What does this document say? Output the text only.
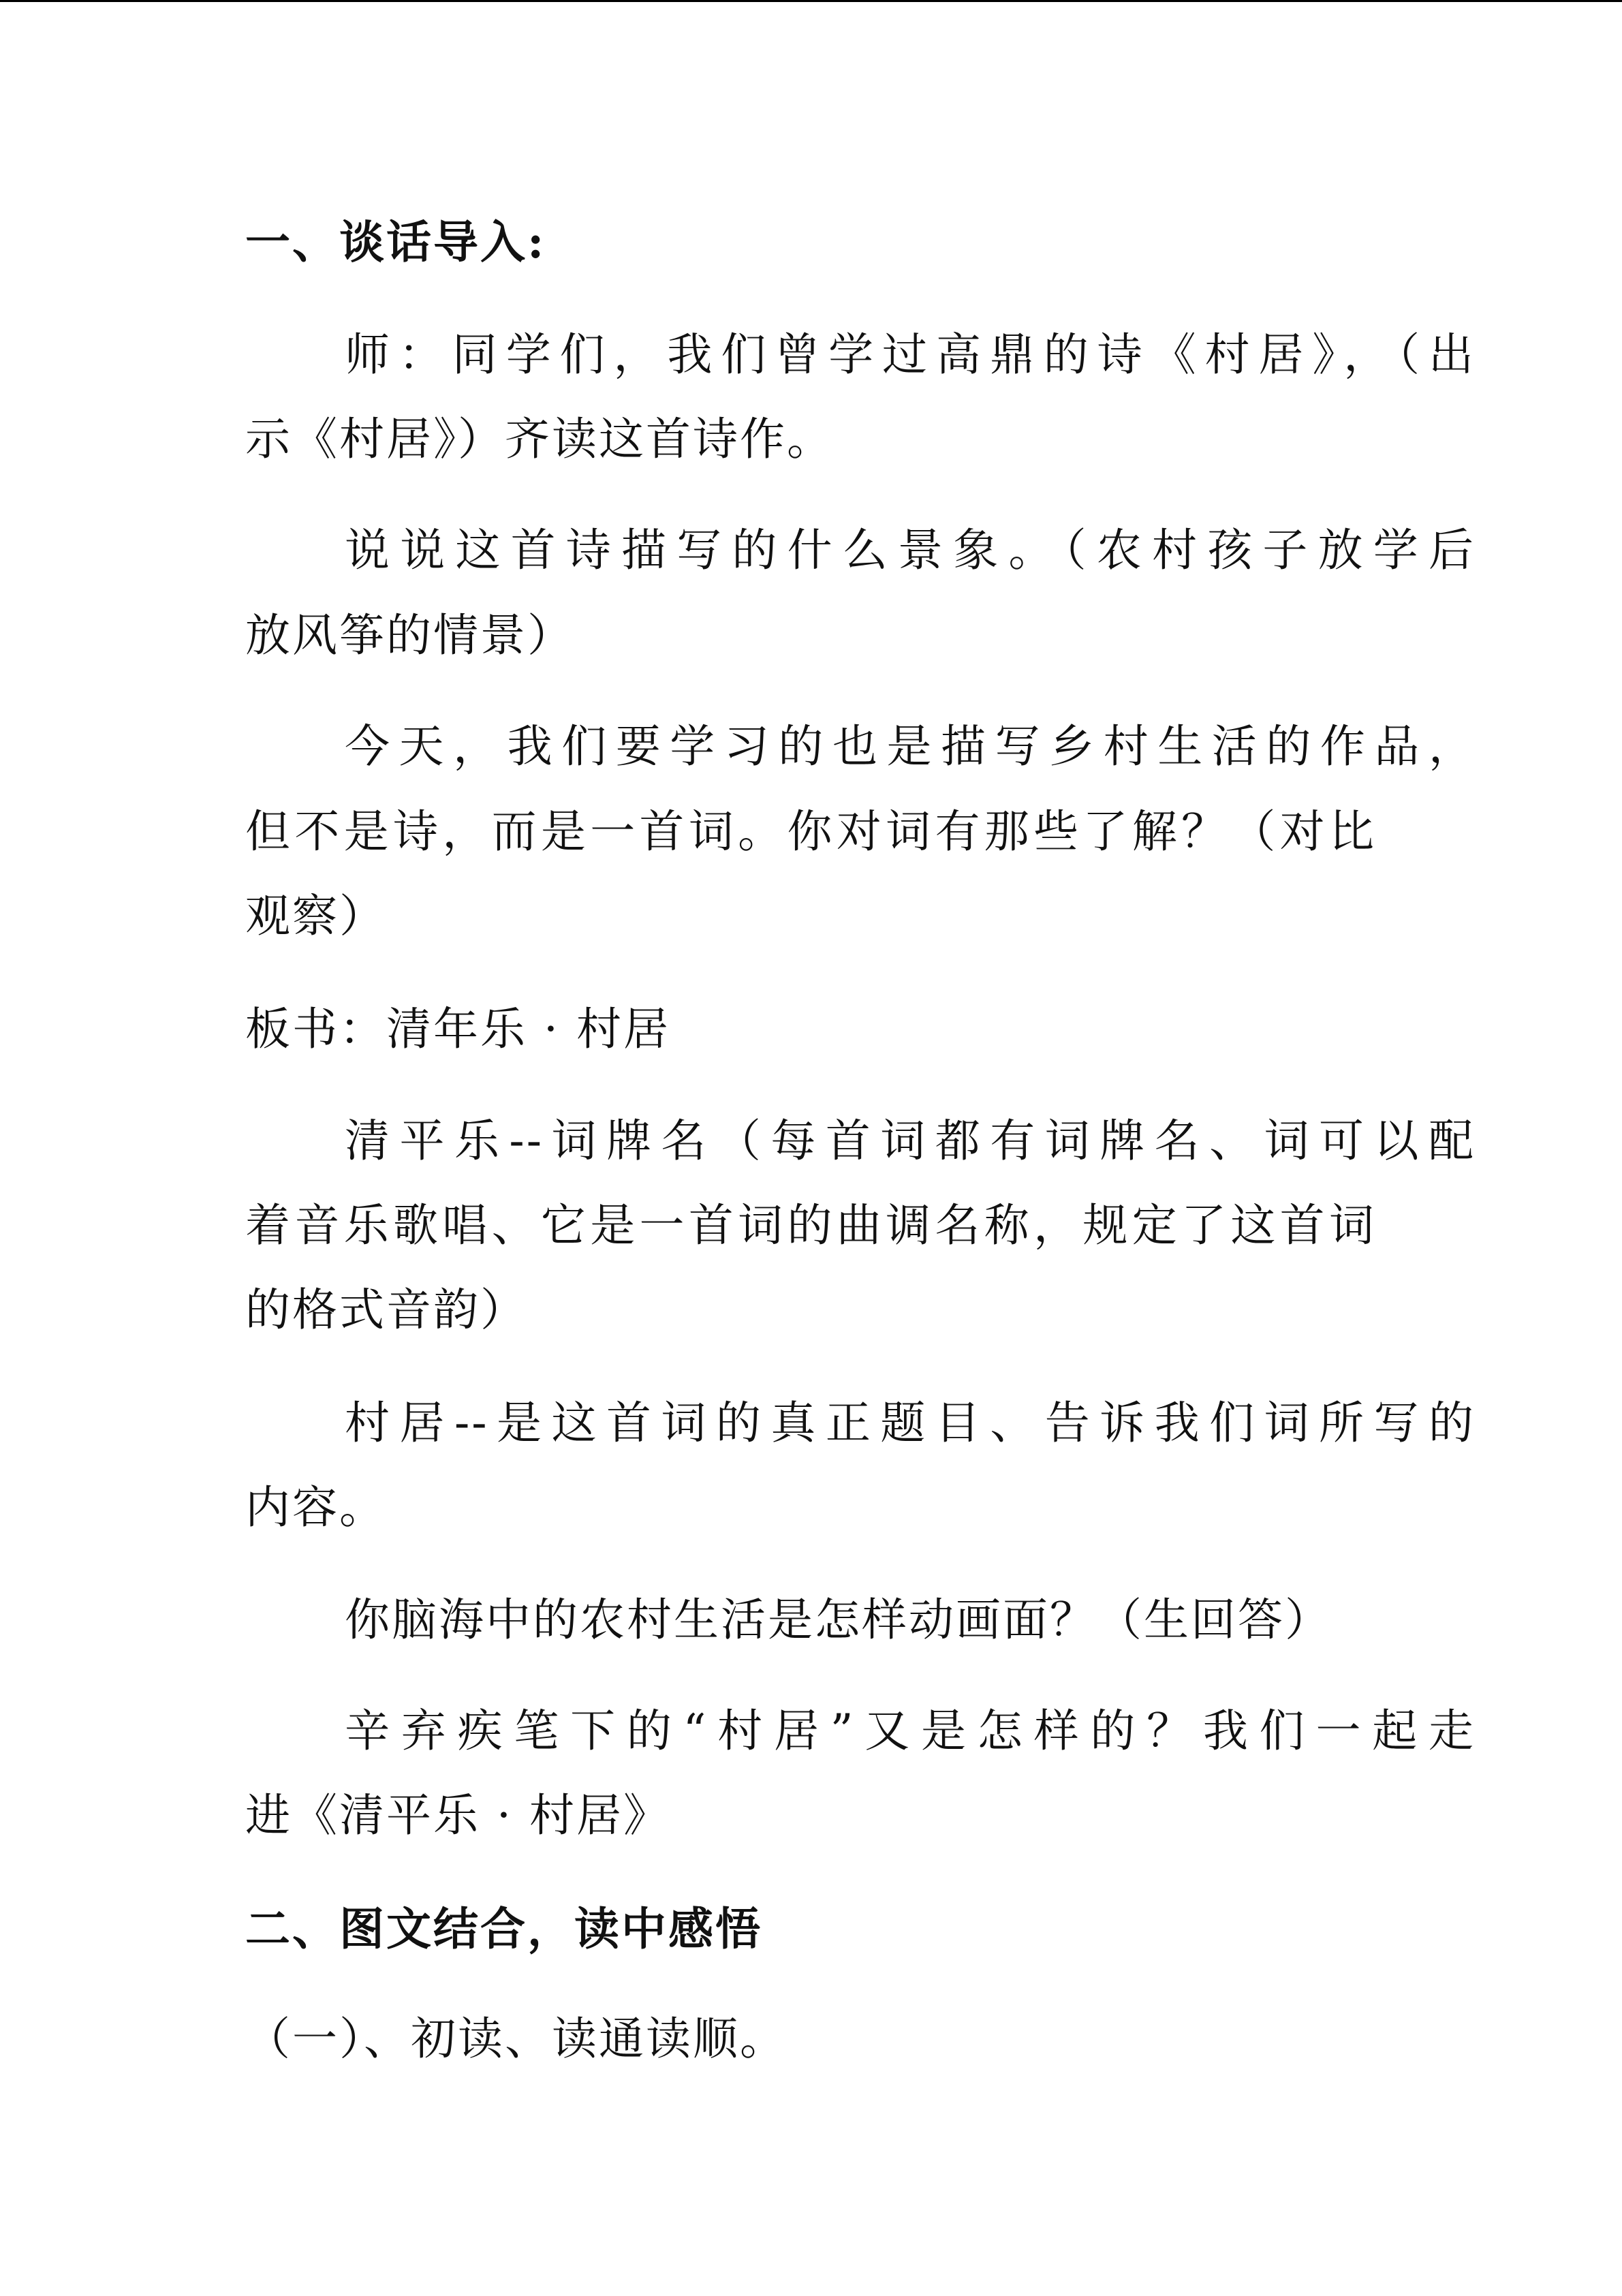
一、谈话导入:
师：同学们，我们曾学过高鼎的诗《村居》，（出
示《村居》）齐读这首诗作。
说说这首诗描写的什么景象。（农村孩子放学后
放风筝的情景）
今天，我们要学习的也是描写乡村生活的作品，
但不是诗，而是一首词。你对词有那些了解？（对比
观察）
板书：清年乐 · 村居
清平乐--词牌名（每首词都有词牌名、词可以配
着音乐歌唱、它是一首词的曲调名称，规定了这首词
的格式音韵）
村居--是这首词的真正题目、告诉我们词所写的
内容。
你脑海中的农村生活是怎样动画面？（生回答）
辛弃疾笔下的“村居”又是怎样的？我们一起走
进《清平乐 · 村居》
二、图文结合，读中感悟
（一）、初读、读通读顺。
